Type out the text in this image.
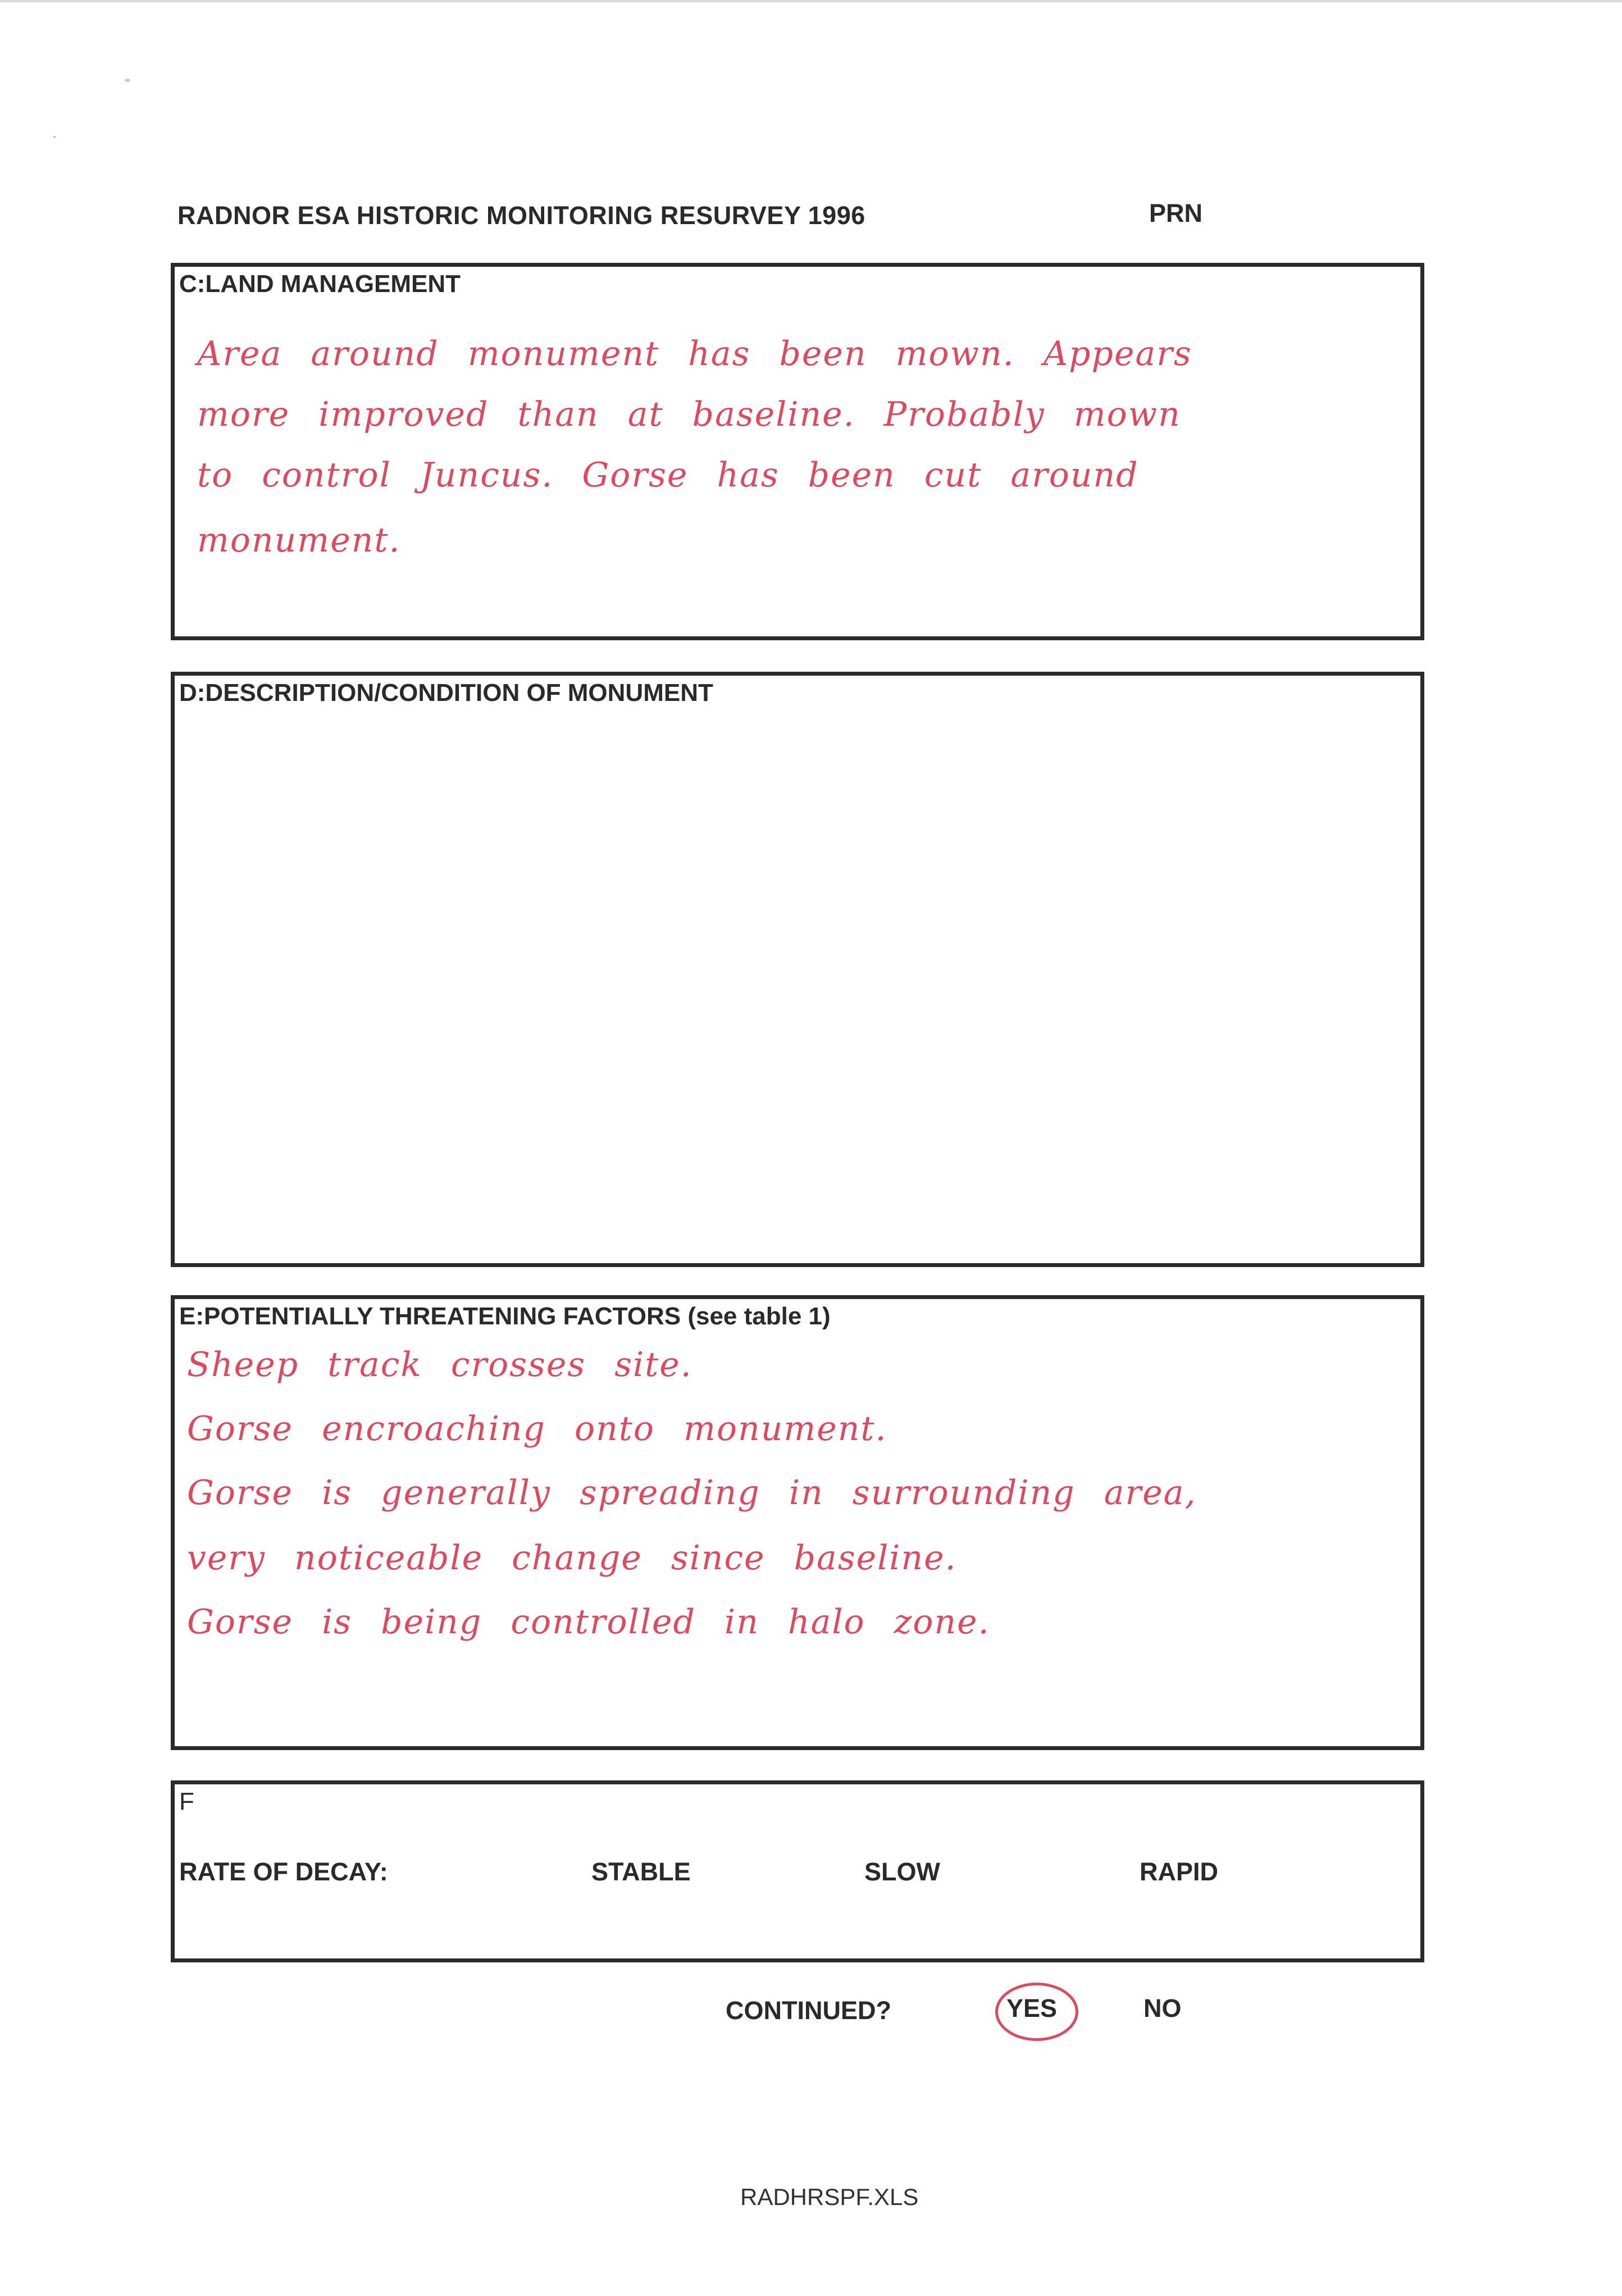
RADNOR ESA HISTORIC MONITORING RESURVEY 1996	PRN
C:LAND MANAGEMENT
Area around monument has been mown. Appears
more improved than at baseline. Probably mown
to control Juncus. Gorse has been cut around
monument.
D:DESCRIPTION/CONDITION OF MONUMENT
E:POTENTIALLY THREATENING FACTORS (see table 1)
Sheep track crosses site.
Gorse encroaching onto monument.
Gorse is generally spreading in surrounding area,
very noticeable change since baseline.
Gorse is being controlled in halo zone.
F
RATE OF DECAY:	STABLE	SLOW	RAPID
CONTINUED?	YES	NO
RADHRSPF.XLS
